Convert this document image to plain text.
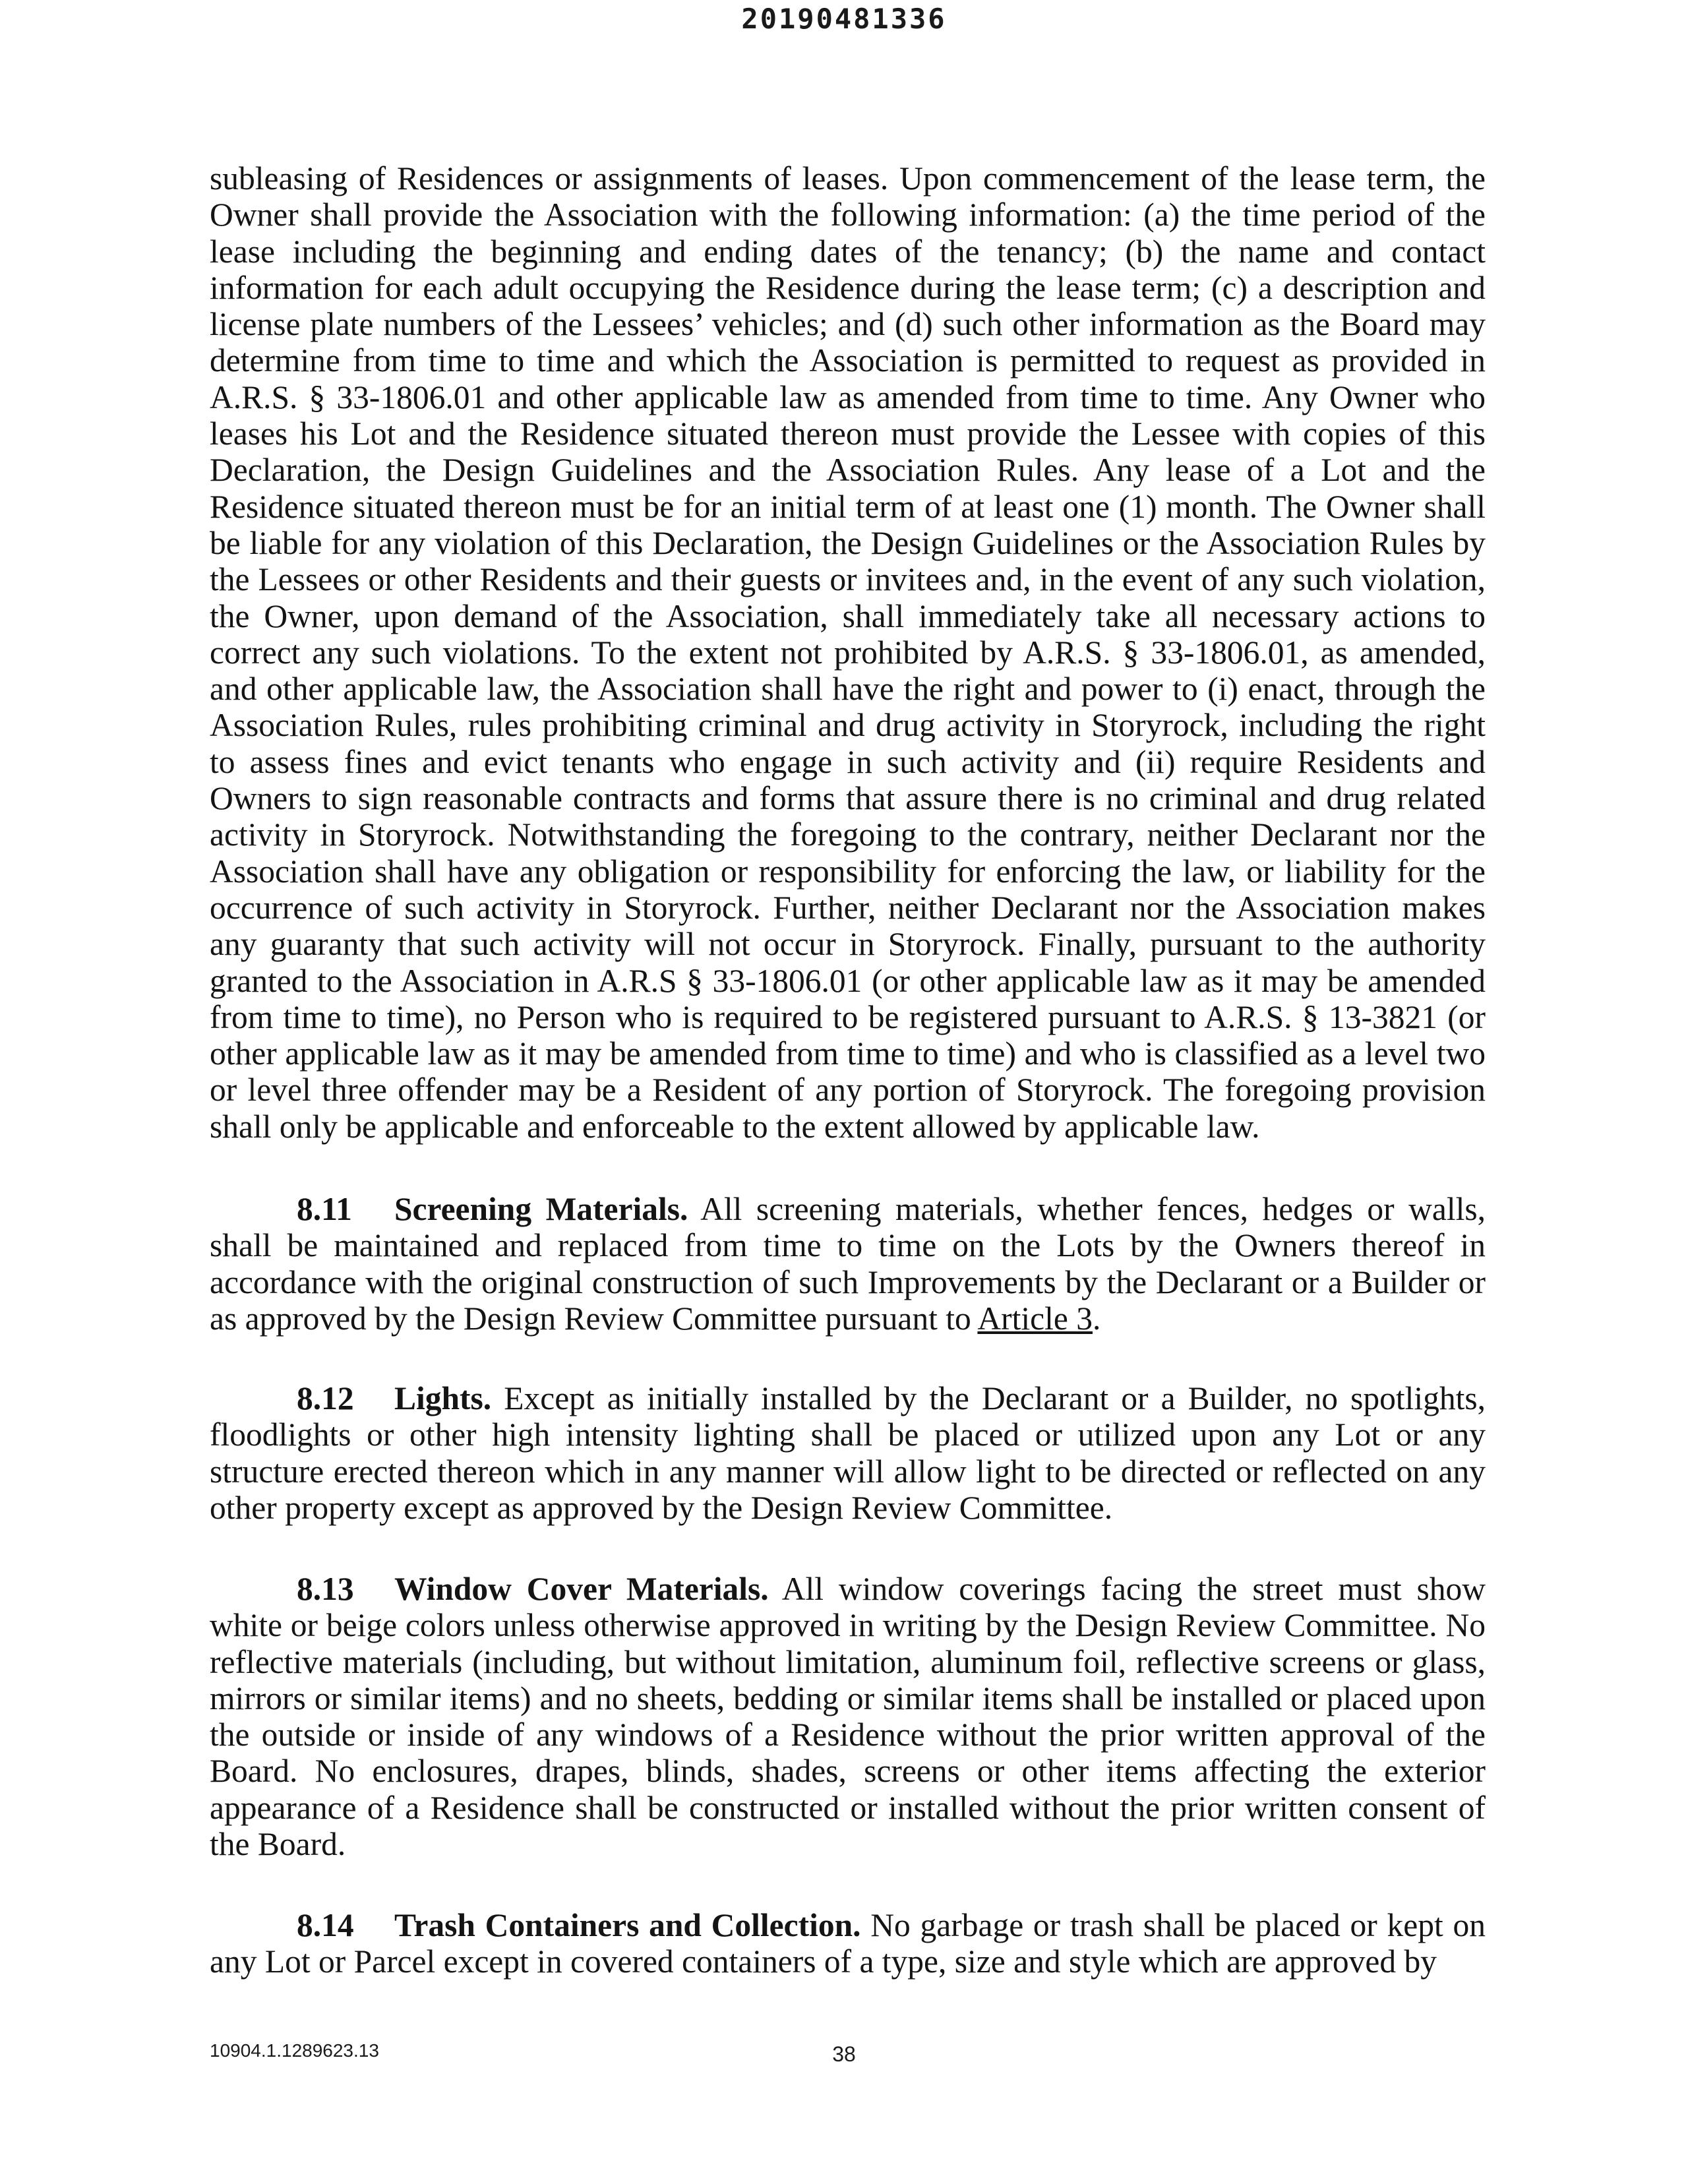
20190481336

subleasing of Residences or assignments of leases. Upon commencement of the lease term, the Owner shall provide the Association with the following information: (a) the time period of the lease including the beginning and ending dates of the tenancy; (b) the name and contact information for each adult occupying the Residence during the lease term; (c) a description and license plate numbers of the Lessees’ vehicles; and (d) such other information as the Board may determine from time to time and which the Association is permitted to request as provided in A.R.S. § 33-1806.01 and other applicable law as amended from time to time. Any Owner who leases his Lot and the Residence situated thereon must provide the Lessee with copies of this Declaration, the Design Guidelines and the Association Rules. Any lease of a Lot and the Residence situated thereon must be for an initial term of at least one (1) month. The Owner shall be liable for any violation of this Declaration, the Design Guidelines or the Association Rules by the Lessees or other Residents and their guests or invitees and, in the event of any such violation, the Owner, upon demand of the Association, shall immediately take all necessary actions to correct any such violations. To the extent not prohibited by A.R.S. § 33-1806.01, as amended, and other applicable law, the Association shall have the right and power to (i) enact, through the Association Rules, rules prohibiting criminal and drug activity in Storyrock, including the right to assess fines and evict tenants who engage in such activity and (ii) require Residents and Owners to sign reasonable contracts and forms that assure there is no criminal and drug related activity in Storyrock. Notwithstanding the foregoing to the contrary, neither Declarant nor the Association shall have any obligation or responsibility for enforcing the law, or liability for the occurrence of such activity in Storyrock. Further, neither Declarant nor the Association makes any guaranty that such activity will not occur in Storyrock. Finally, pursuant to the authority granted to the Association in A.R.S § 33-1806.01 (or other applicable law as it may be amended from time to time), no Person who is required to be registered pursuant to A.R.S. § 13-3821 (or other applicable law as it may be amended from time to time) and who is classified as a level two or level three offender may be a Resident of any portion of Storyrock. The foregoing provision shall only be applicable and enforceable to the extent allowed by applicable law.

8.11 Screening Materials. All screening materials, whether fences, hedges or walls, shall be maintained and replaced from time to time on the Lots by the Owners thereof in accordance with the original construction of such Improvements by the Declarant or a Builder or as approved by the Design Review Committee pursuant to Article 3.

8.12 Lights. Except as initially installed by the Declarant or a Builder, no spotlights, floodlights or other high intensity lighting shall be placed or utilized upon any Lot or any structure erected thereon which in any manner will allow light to be directed or reflected on any other property except as approved by the Design Review Committee.

8.13 Window Cover Materials. All window coverings facing the street must show white or beige colors unless otherwise approved in writing by the Design Review Committee. No reflective materials (including, but without limitation, aluminum foil, reflective screens or glass, mirrors or similar items) and no sheets, bedding or similar items shall be installed or placed upon the outside or inside of any windows of a Residence without the prior written approval of the Board. No enclosures, drapes, blinds, shades, screens or other items affecting the exterior appearance of a Residence shall be constructed or installed without the prior written consent of the Board.

8.14 Trash Containers and Collection. No garbage or trash shall be placed or kept on any Lot or Parcel except in covered containers of a type, size and style which are approved by

10904.1.1289623.13	38
